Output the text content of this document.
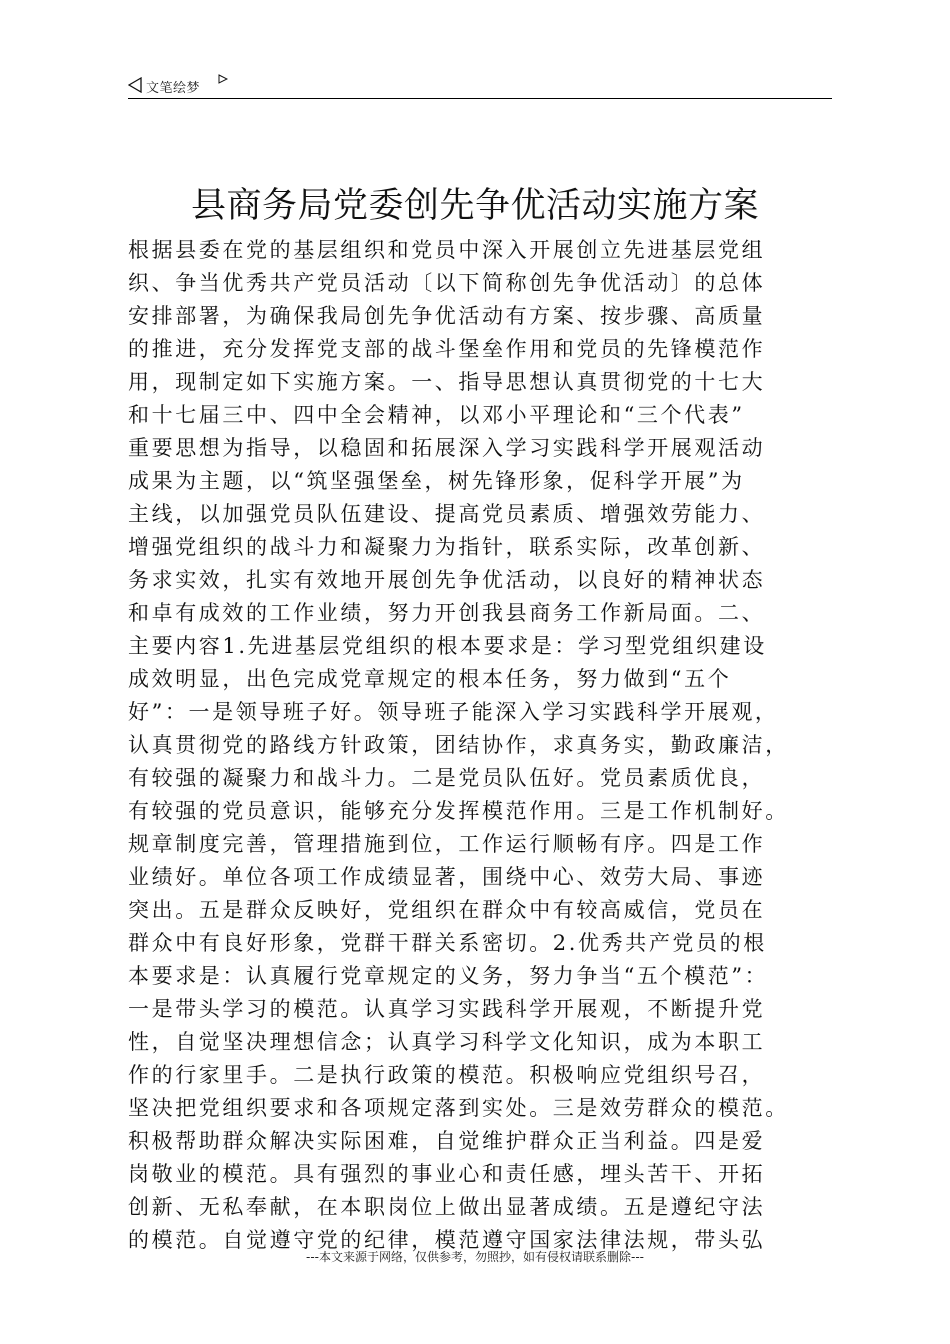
文笔绘梦
县商务局党委创先争优活动实施方案
根据县委在党的基层组织和党员中深入开展创立先进基层党组
织、争当优秀共产党员活动〔以下简称创先争优活动〕的总体
安排部署，为确保我局创先争优活动有方案、按步骤、高质量
的推进，充分发挥党支部的战斗堡垒作用和党员的先锋模范作
用，现制定如下实施方案。一、指导思想认真贯彻党的十七大
和十七届三中、四中全会精神，以邓小平理论和“三个代表”
重要思想为指导，以稳固和拓展深入学习实践科学开展观活动
成果为主题，以“筑坚强堡垒，树先锋形象，促科学开展”为
主线，以加强党员队伍建设、提高党员素质、增强效劳能力、
增强党组织的战斗力和凝聚力为指针，联系实际，改革创新、
务求实效，扎实有效地开展创先争优活动，以良好的精神状态
和卓有成效的工作业绩，努力开创我县商务工作新局面。二、
主要内容1.先进基层党组织的根本要求是：学习型党组织建设
成效明显，出色完成党章规定的根本任务，努力做到“五个
好”：一是领导班子好。领导班子能深入学习实践科学开展观，
认真贯彻党的路线方针政策，团结协作，求真务实，勤政廉洁，
有较强的凝聚力和战斗力。二是党员队伍好。党员素质优良，
有较强的党员意识，能够充分发挥模范作用。三是工作机制好。
规章制度完善，管理措施到位，工作运行顺畅有序。四是工作
业绩好。单位各项工作成绩显著，围绕中心、效劳大局、事迹
突出。五是群众反映好，党组织在群众中有较高威信，党员在
群众中有良好形象，党群干群关系密切。2.优秀共产党员的根
本要求是：认真履行党章规定的义务，努力争当“五个模范”：
一是带头学习的模范。认真学习实践科学开展观，不断提升党
性，自觉坚决理想信念；认真学习科学文化知识，成为本职工
作的行家里手。二是执行政策的模范。积极响应党组织号召，
坚决把党组织要求和各项规定落到实处。三是效劳群众的模范。
积极帮助群众解决实际困难，自觉维护群众正当利益。四是爱
岗敬业的模范。具有强烈的事业心和责任感，埋头苦干、开拓
创新、无私奉献，在本职岗位上做出显著成绩。五是遵纪守法
的模范。自觉遵守党的纪律，模范遵守国家法律法规，带头弘
---本文来源于网络，仅供参考，勿照抄，如有侵权请联系删除---
